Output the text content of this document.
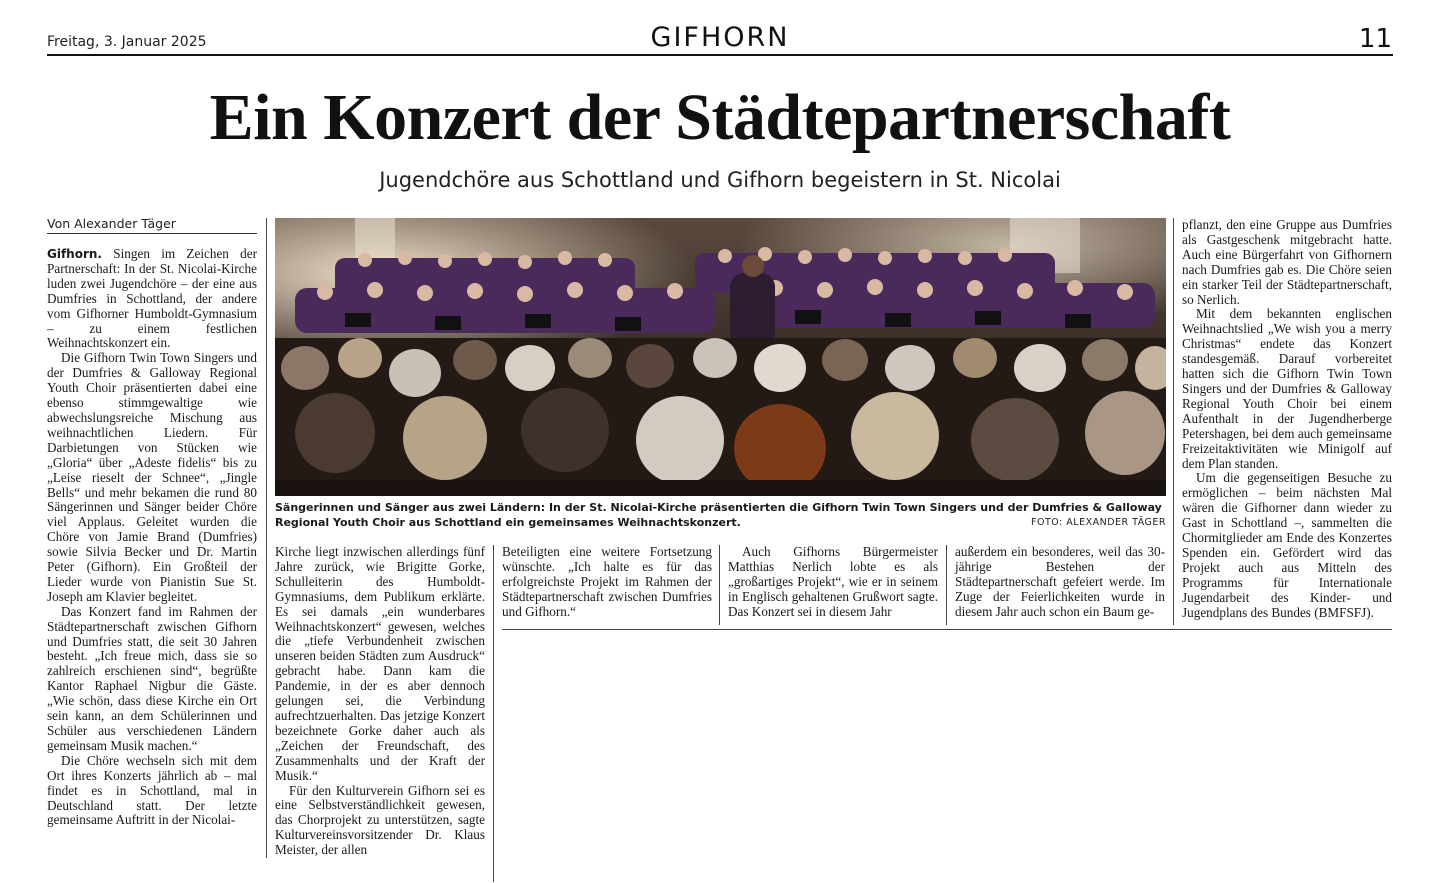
Freitag, 3. Januar 2025	GIFHORN	11
Ein Konzert der Städtepartnerschaft
Jugendchöre aus Schottland und Gifhorn begeistern in St. Nicolai
Von Alexander Täger

Gifhorn. Singen im Zeichen der Partnerschaft: In der St. Nicolai-Kirche luden zwei Jugendchöre – der eine aus Dumfries in Schottland, der andere vom Gifhorner Humboldt-Gymnasium – zu einem festlichen Weihnachtskonzert ein.

Die Gifhorn Twin Town Singers und der Dumfries & Galloway Regional Youth Choir präsentierten dabei eine ebenso stimmgewaltige wie abwechslungsreiche Mischung aus weihnachtlichen Liedern. Für Darbietungen von Stücken wie „Gloria“ über „Adeste fidelis“ bis zu „Leise rieselt der Schnee“, „Jingle Bells“ und mehr bekamen die rund 80 Sängerinnen und Sänger beider Chöre viel Applaus. Geleitet wurden die Chöre von Jamie Brand (Dumfries) sowie Silvia Becker und Dr. Martin Peter (Gifhorn). Ein Großteil der Lieder wurde von Pianistin Sue St. Joseph am Klavier begleitet.

Das Konzert fand im Rahmen der Städtepartnerschaft zwischen Gifhorn und Dumfries statt, die seit 30 Jahren besteht. „Ich freue mich, dass sie so zahlreich erschienen sind“, begrüßte Kantor Raphael Nigbur die Gäste. „Wie schön, dass diese Kirche ein Ort sein kann, an dem Schülerinnen und Schüler aus verschiedenen Ländern gemeinsam Musik machen.“

Die Chöre wechseln sich mit dem Ort ihres Konzerts jährlich ab – mal findet es in Schottland, mal in Deutschland statt. Der letzte gemeinsame Auftritt in der Nicolai-

Sängerinnen und Sänger aus zwei Ländern: In der St. Nicolai-Kirche präsentierten die Gifhorn Twin Town Singers und der Dumfries & Galloway Regional Youth Choir aus Schottland ein gemeinsames Weihnachtskonzert.	FOTO: ALEXANDER TÄGER

Kirche liegt inzwischen allerdings fünf Jahre zurück, wie Brigitte Gorke, Schulleiterin des Humboldt-Gymnasiums, dem Publikum erklärte. Es sei damals „ein wunderbares Weihnachtskonzert“ gewesen, welches die „tiefe Verbundenheit zwischen unseren beiden Städten zum Ausdruck“ gebracht habe. Dann kam die Pandemie, in der es aber dennoch gelungen sei, die Verbindung aufrechtzuerhalten. Das jetzige Konzert bezeichnete Gorke daher auch als „Zeichen der Freundschaft, des Zusammenhalts und der Kraft der Musik.“

Für den Kulturverein Gifhorn sei es eine Selbstverständlichkeit gewesen, das Chorprojekt zu unterstützen, sagte Kulturvereinsvorsitzender Dr. Klaus Meister, der allen

Beteiligten eine weitere Fortsetzung wünschte. „Ich halte es für das erfolgreichste Projekt im Rahmen der Städtepartnerschaft zwischen Dumfries und Gifhorn.“

Auch Gifhorns Bürgermeister Matthias Nerlich lobte es als „großartiges Projekt“, wie er in seinem in Englisch gehaltenen Grußwort sagte. Das Konzert sei in diesem Jahr

außerdem ein besonderes, weil das 30-jährige Bestehen der Städtepartnerschaft gefeiert werde. Im Zuge der Feierlichkeiten wurde in diesem Jahr auch schon ein Baum ge-

pflanzt, den eine Gruppe aus Dumfries als Gastgeschenk mitgebracht hatte. Auch eine Bürgerfahrt von Gifhornern nach Dumfries gab es. Die Chöre seien ein starker Teil der Städtepartnerschaft, so Nerlich.

Mit dem bekannten englischen Weihnachtslied „We wish you a merry Christmas“ endete das Konzert standesgemäß. Darauf vorbereitet hatten sich die Gifhorn Twin Town Singers und der Dumfries & Galloway Regional Youth Choir bei einem Aufenthalt in der Jugendherberge Petershagen, bei dem auch gemeinsame Freizeitaktivitäten wie Minigolf auf dem Plan standen.

Um die gegenseitigen Besuche zu ermöglichen – beim nächsten Mal wären die Gifhorner dann wieder zu Gast in Schottland –, sammelten die Chormitglieder am Ende des Konzertes Spenden ein. Gefördert wird das Projekt auch aus Mitteln des Programms für Internationale Jugendarbeit des Kinder- und Jugendplans des Bundes (BMFSFJ).
